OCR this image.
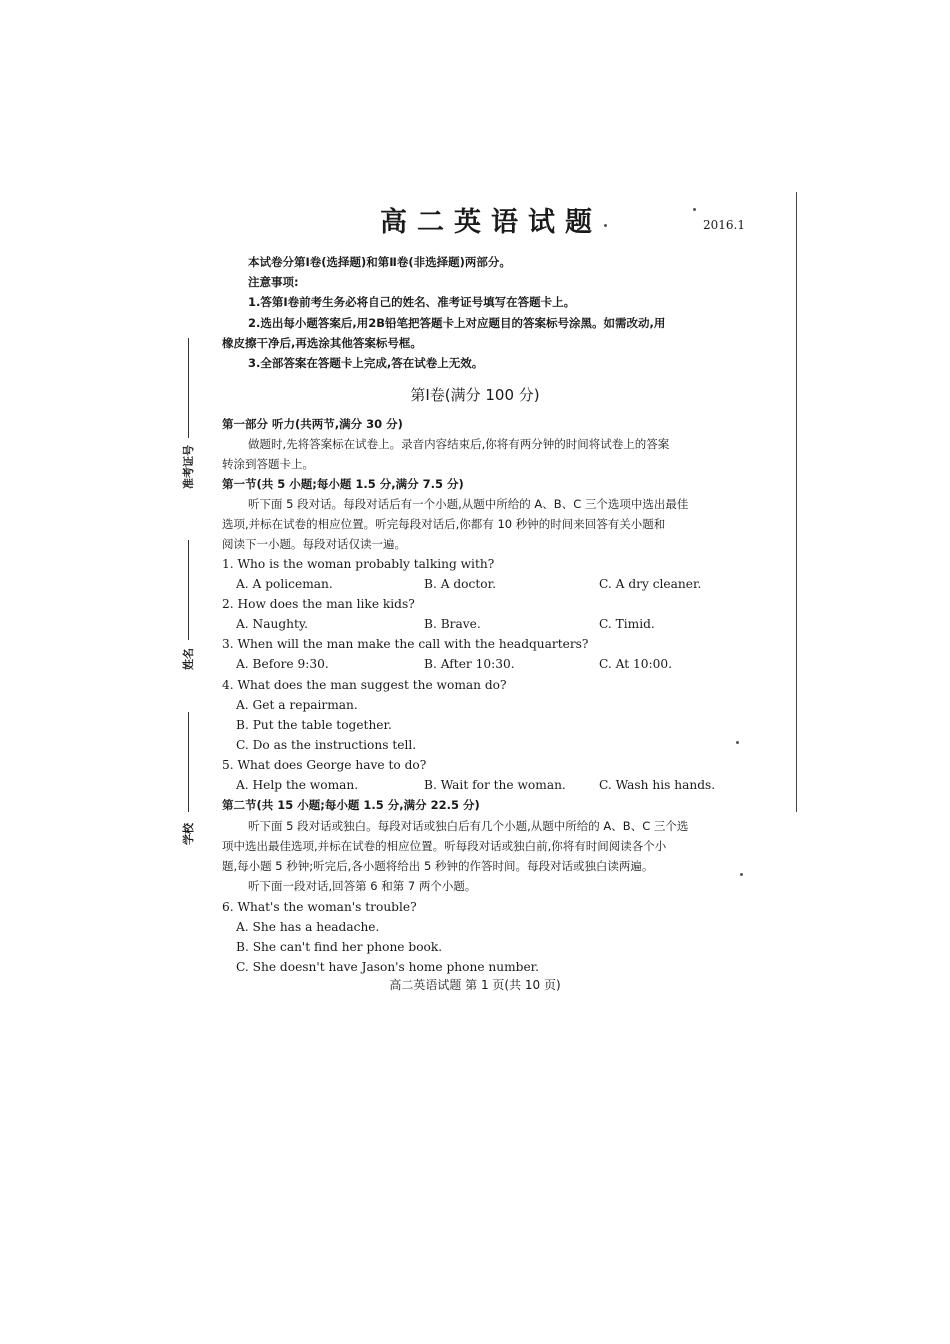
高二英语试题	2016.1
本试卷分第Ⅰ卷(选择题)和第Ⅱ卷(非选择题)两部分。
注意事项:
1.答第Ⅰ卷前考生务必将自己的姓名、准考证号填写在答题卡上。
2.选出每小题答案后,用2B铅笔把答题卡上对应题目的答案标号涂黑。如需改动,用
橡皮擦干净后,再选涂其他答案标号框。
3.全部答案在答题卡上完成,答在试卷上无效。
第Ⅰ卷(满分 100 分)
第一部分 听力(共两节,满分 30 分)
做题时,先将答案标在试卷上。录音内容结束后,你将有两分钟的时间将试卷上的答案
转涂到答题卡上。
第一节(共 5 小题;每小题 1.5 分,满分 7.5 分)
听下面 5 段对话。每段对话后有一个小题,从题中所给的 A、B、C 三个选项中选出最佳
选项,并标在试卷的相应位置。听完每段对话后,你都有 10 秒钟的时间来回答有关小题和
阅读下一小题。每段对话仅读一遍。
1. Who is the woman probably talking with?
A. A policeman.	B. A doctor.	C. A dry cleaner.
2. How does the man like kids?
A. Naughty.	B. Brave.	C. Timid.
3. When will the man make the call with the headquarters?
A. Before 9:30.	B. After 10:30.	C. At 10:00.
4. What does the man suggest the woman do?
A. Get a repairman.
B. Put the table together.
C. Do as the instructions tell.
5. What does George have to do?
A. Help the woman.	B. Wait for the woman.	C. Wash his hands.
第二节(共 15 小题;每小题 1.5 分,满分 22.5 分)
听下面 5 段对话或独白。每段对话或独白后有几个小题,从题中所给的 A、B、C 三个选
项中选出最佳选项,并标在试卷的相应位置。听每段对话或独白前,你将有时间阅读各个小
题,每小题 5 秒钟;听完后,各小题将给出 5 秒钟的作答时间。每段对话或独白读两遍。
听下面一段对话,回答第 6 和第 7 两个小题。
6. What's the woman's trouble?
A. She has a headache.
B. She can't find her phone book.
C. She doesn't have Jason's home phone number.
高二英语试题 第 1 页(共 10 页)
准考证号
姓名
学校
